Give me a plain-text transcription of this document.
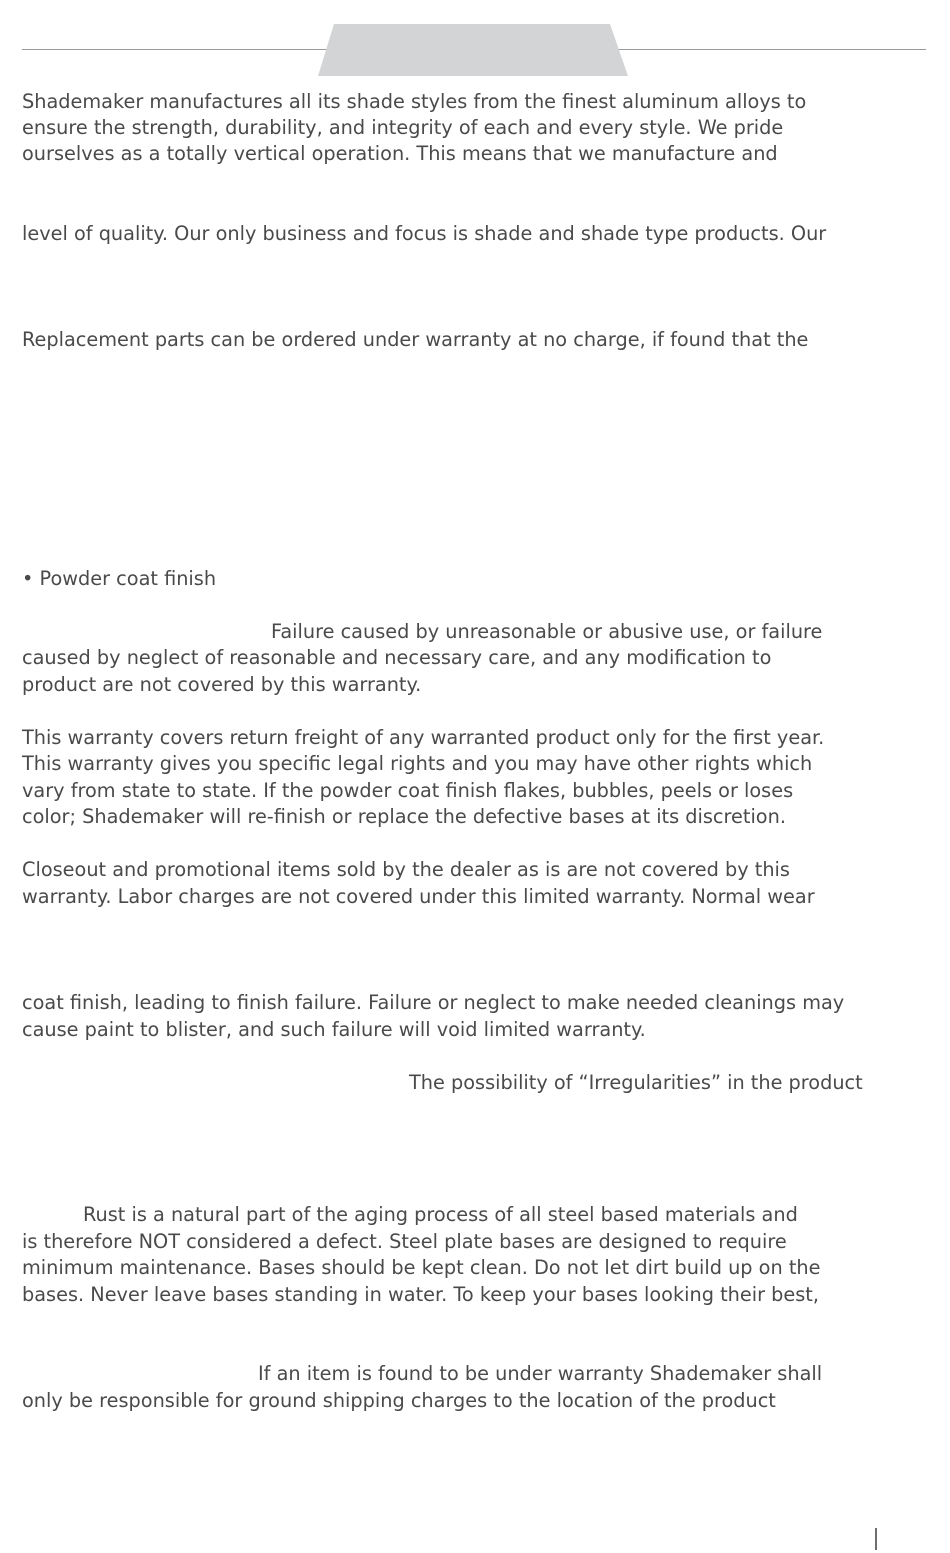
Shademaker manufactures all its shade styles from the finest aluminum alloys to
ensure the strength, durability, and integrity of each and every style. We pride
ourselves as a totally vertical operation. This means that we manufacture and
level of quality. Our only business and focus is shade and shade type products. Our
Replacement parts can be ordered under warranty at no charge, if found that the
• Powder coat finish
Failure caused by unreasonable or abusive use, or failure
caused by neglect of reasonable and necessary care, and any modification to
product are not covered by this warranty.
This warranty covers return freight of any warranted product only for the first year.
This warranty gives you specific legal rights and you may have other rights which
vary from state to state. If the powder coat finish flakes, bubbles, peels or loses
color; Shademaker will re-finish or replace the defective bases at its discretion.
Closeout and promotional items sold by the dealer as is are not covered by this
warranty. Labor charges are not covered under this limited warranty. Normal wear
coat finish, leading to finish failure. Failure or neglect to make needed cleanings may
cause paint to blister, and such failure will void limited warranty.
The possibility of “Irregularities” in the product
Rust is a natural part of the aging process of all steel based materials and
is therefore NOT considered a defect. Steel plate bases are designed to require
minimum maintenance. Bases should be kept clean. Do not let dirt build up on the
bases. Never leave bases standing in water. To keep your bases looking their best,
If an item is found to be under warranty Shademaker shall
only be responsible for ground shipping charges to the location of the product
